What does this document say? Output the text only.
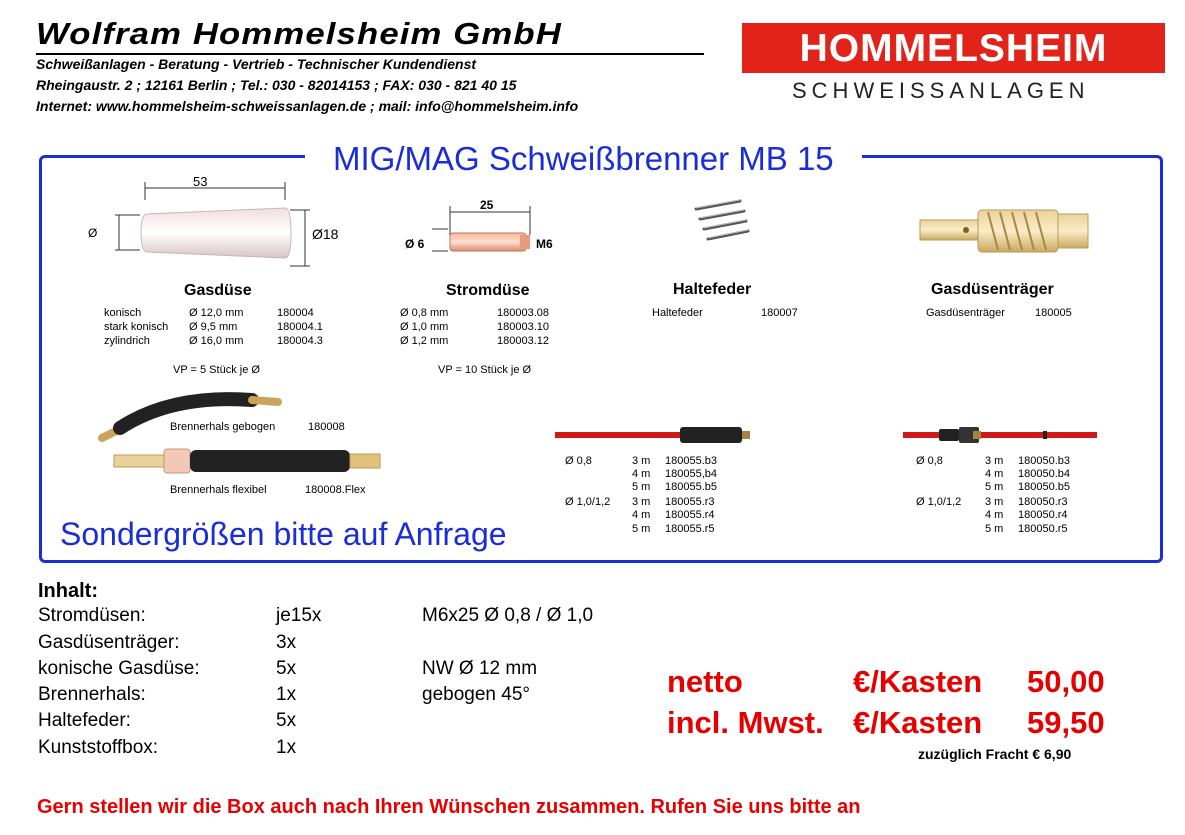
Wolfram Hommelsheim GmbH
Schweißanlagen - Beratung - Vertrieb - Technischer Kundendienst
Rheingaustr. 2 ; 12161 Berlin ; Tel.: 030 - 82014153 ; FAX: 030 - 821 40 15
Internet: www.hommelsheim-schweissanlagen.de ; mail: info@hommelsheim.info
HOMMELSHEIM
SCHWEISSANLAGEN
MIG/MAG Schweißbrenner MB 15
53
Ø	Ø18
Gasdüse
konisch	Ø 12,0 mm	180004
stark konisch Ø 9,5 mm	180004.1
zylindrich	Ø 16,0 mm	180004.3
VP = 5 Stück je Ø
25
Ø 6	M6
Stromdüse
Ø 0,8 mm	180003.08
Ø 1,0 mm	180003.10
Ø 1,2 mm	180003.12
VP = 10 Stück je Ø
Haltefeder
Haltefeder	180007
Gasdüsenträger
Gasdüsenträger	180005
Brennerhals gebogen	180008
Brennerhals flexibel	180008.Flex
Ø 0,8	3 m 180055.b3
4 m 180055,b4
5 m 180055.b5
Ø 1,0/1,2 3 m 180055.r3
4 m 180055.r4
5 m 180055.r5
Ø 0,8	3 m 180050.b3
4 m 180050.b4
5 m 180050.b5
Ø 1,0/1,2 3 m 180050.r3
4 m 180050.r4
5 m 180050.r5
Sondergrößen bitte auf Anfrage
Inhalt:
Stromdüsen:	je15x	M6x25 Ø 0,8 / Ø 1,0
Gasdüsenträger:	3x
konische Gasdüse:	5x	NW Ø 12 mm
Brennerhals:	1x	gebogen 45°
Haltefeder:	5x
Kunststoffbox:	1x
netto	€/Kasten 50,00
incl. Mwst. €/Kasten 59,50
zuzüglich Fracht € 6,90
Gern stellen wir die Box auch nach Ihren Wünschen zusammen. Rufen Sie uns bitte an
